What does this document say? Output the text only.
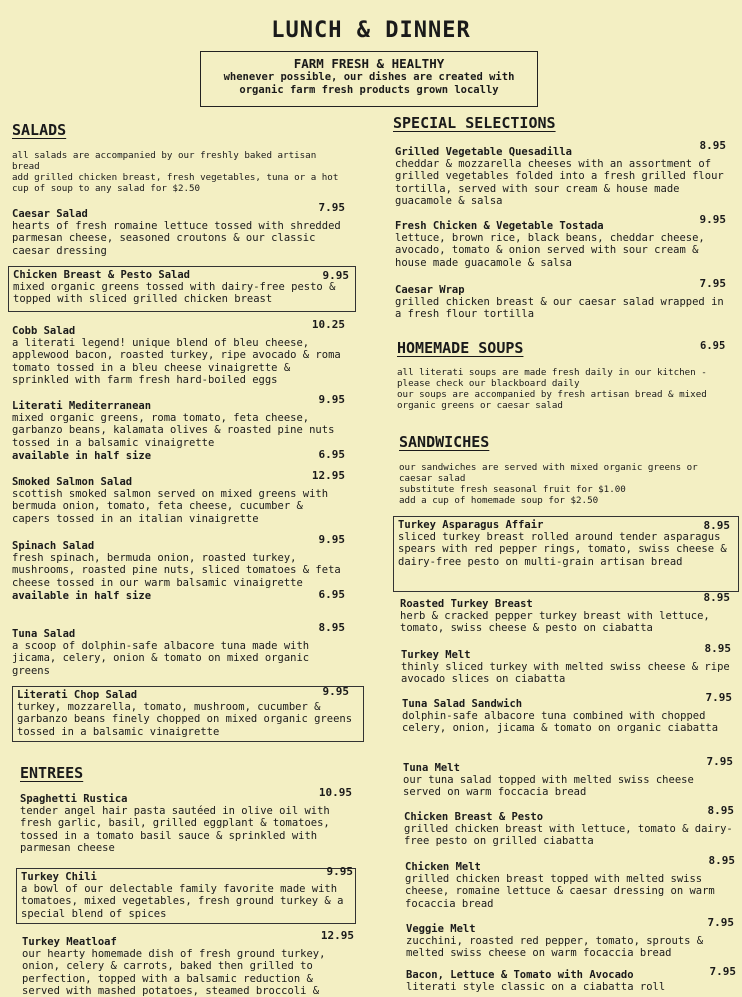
LUNCH & DINNER
FARM FRESH & HEALTHY
whenever possible, our dishes are created with
organic farm fresh products grown locally
SALADS
all salads are accompanied by our freshly baked artisan bread
add grilled chicken breast, fresh vegetables, tuna or a hot cup of soup to any salad for $2.50
Caesar Salad	7.95
hearts of fresh romaine lettuce tossed with shredded parmesan cheese, seasoned croutons & our classic caesar dressing
Chicken Breast & Pesto Salad	9.95
mixed organic greens tossed with dairy-free pesto & topped with sliced grilled chicken breast
Cobb Salad	10.25
a literati legend! unique blend of bleu cheese, applewood bacon, roasted turkey, ripe avocado & roma tomato tossed in a bleu cheese vinaigrette & sprinkled with farm fresh hard-boiled eggs
Literati Mediterranean	9.95
mixed organic greens, roma tomato, feta cheese, garbanzo beans, kalamata olives & roasted pine nuts tossed in a balsamic vinaigrette
available in half size	6.95
Smoked Salmon Salad	12.95
scottish smoked salmon served on mixed greens with bermuda onion, tomato, feta cheese, cucumber & capers tossed in an italian vinaigrette
Spinach Salad	9.95
fresh spinach, bermuda onion, roasted turkey, mushrooms, roasted pine nuts, sliced tomatoes & feta cheese tossed in our warm balsamic vinaigrette
available in half size	6.95
Tuna Salad	8.95
a scoop of dolphin-safe albacore tuna made with jicama, celery, onion & tomato on mixed organic greens
Literati Chop Salad	9.95
turkey, mozzarella, tomato, mushroom, cucumber & garbanzo beans finely chopped on mixed organic greens tossed in a balsamic vinaigrette
ENTREES
Spaghetti Rustica	10.95
tender angel hair pasta sautéed in olive oil with fresh garlic, basil, grilled eggplant & tomatoes, tossed in a tomato basil sauce & sprinkled with parmesan cheese
Turkey Chili	9.95
a bowl of our delectable family favorite made with tomatoes, mixed vegetables, fresh ground turkey & a special blend of spices
Turkey Meatloaf	12.95
our hearty homemade dish of fresh ground turkey, onion, celery & carrots, baked then grilled to perfection, topped with a balsamic reduction & served with mashed potatoes, steamed broccoli &
SPECIAL SELECTIONS
Grilled Vegetable Quesadilla	8.95
cheddar & mozzarella cheeses with an assortment of grilled vegetables folded into a fresh grilled flour tortilla, served with sour cream & house made guacamole & salsa
Fresh Chicken & Vegetable Tostada	9.95
lettuce, brown rice, black beans, cheddar cheese, avocado, tomato & onion served with sour cream & house made guacamole & salsa
Caesar Wrap	7.95
grilled chicken breast & our caesar salad wrapped in a fresh flour tortilla
HOMEMADE SOUPS	6.95
all literati soups are made fresh daily in our kitchen - please check our blackboard daily
our soups are accompanied by fresh artisan bread & mixed organic greens or caesar salad
SANDWICHES
our sandwiches are served with mixed organic greens or caesar salad
substitute fresh seasonal fruit for $1.00
add a cup of homemade soup for $2.50
Turkey Asparagus Affair	8.95
sliced turkey breast rolled around tender asparagus spears with red pepper rings, tomato, swiss cheese & dairy-free pesto on multi-grain artisan bread
Roasted Turkey Breast	8.95
herb & cracked pepper turkey breast with lettuce, tomato, swiss cheese & pesto on ciabatta
Turkey Melt	8.95
thinly sliced turkey with melted swiss cheese & ripe avocado slices on ciabatta
Tuna Salad Sandwich	7.95
dolphin-safe albacore tuna combined with chopped celery, onion, jicama & tomato on organic ciabatta
Tuna Melt	7.95
our tuna salad topped with melted swiss cheese served on warm foccacia bread
Chicken Breast & Pesto	8.95
grilled chicken breast with lettuce, tomato & dairy-free pesto on grilled ciabatta
Chicken Melt	8.95
grilled chicken breast topped with melted swiss cheese, romaine lettuce & caesar dressing on warm focaccia bread
Veggie Melt	7.95
zucchini, roasted red pepper, tomato, sprouts & melted swiss cheese on warm focaccia bread
Bacon, Lettuce & Tomato with Avocado	7.95
literati style classic on a ciabatta roll
